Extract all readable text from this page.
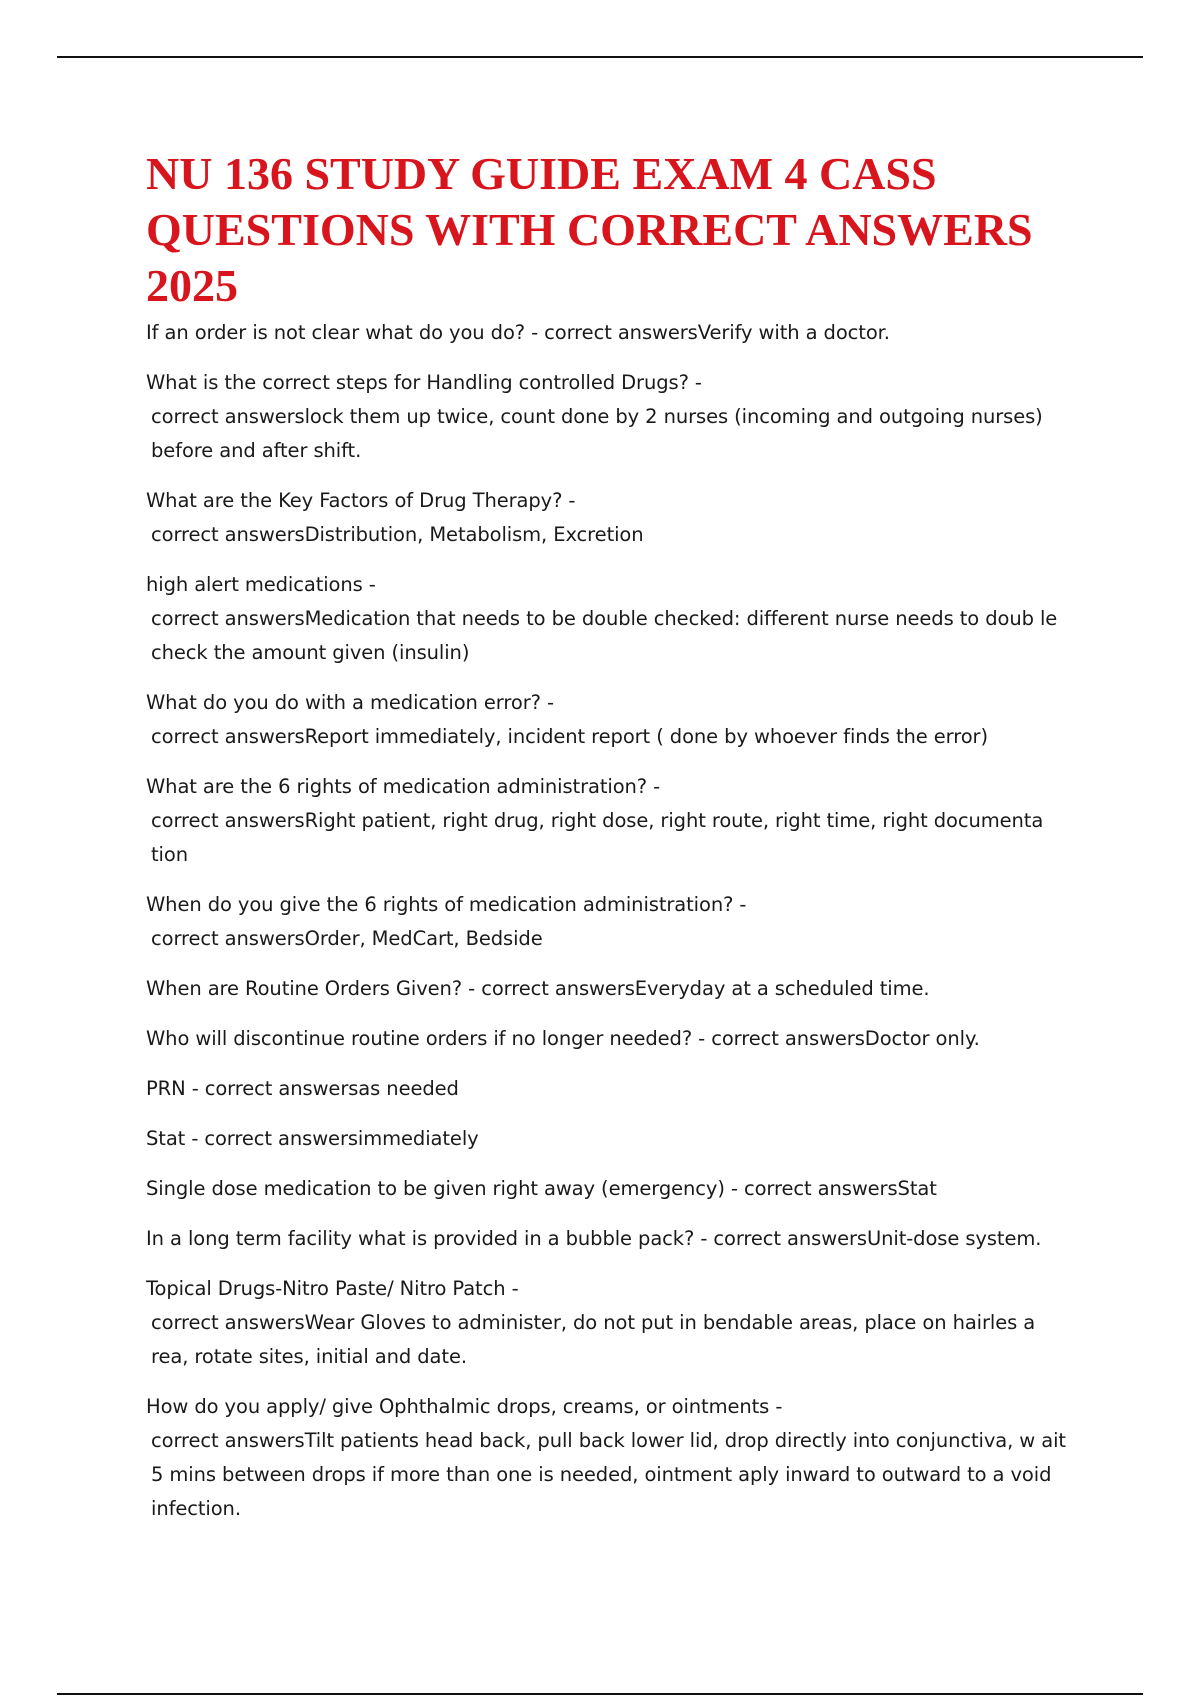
NU 136 STUDY GUIDE EXAM 4 CASS QUESTIONS WITH CORRECT ANSWERS 2025
If an order is not clear what do you do? - correct answersVerify with a doctor.
What is the correct steps for Handling controlled Drugs? -
correct answerslock them up twice, count done by 2 nurses (incoming and outgoing nurses) before and after shift.
What are the Key Factors of Drug Therapy? -
correct answersDistribution, Metabolism, Excretion
high alert medications -
correct answersMedication that needs to be double checked: different nurse needs to doub le check the amount given (insulin)
What do you do with a medication error? -
correct answersReport immediately, incident report ( done by whoever finds the error)
What are the 6 rights of medication administration? -
correct answersRight patient, right drug, right dose, right route, right time, right documenta tion
When do you give the 6 rights of medication administration? -
correct answersOrder, MedCart, Bedside
When are Routine Orders Given? - correct answersEveryday at a scheduled time.
Who will discontinue routine orders if no longer needed? - correct answersDoctor only.
PRN - correct answersas needed
Stat - correct answersimmediately
Single dose medication to be given right away (emergency) - correct answersStat
In a long term facility what is provided in a bubble pack? - correct answersUnit-dose system.
Topical Drugs-Nitro Paste/ Nitro Patch -
correct answersWear Gloves to administer, do not put in bendable areas, place on hairles a rea, rotate sites, initial and date.
How do you apply/ give Ophthalmic drops, creams, or ointments -
correct answersTilt patients head back, pull back lower lid, drop directly into conjunctiva, w ait 5 mins between drops if more than one is needed, ointment aply inward to outward to a void infection.
